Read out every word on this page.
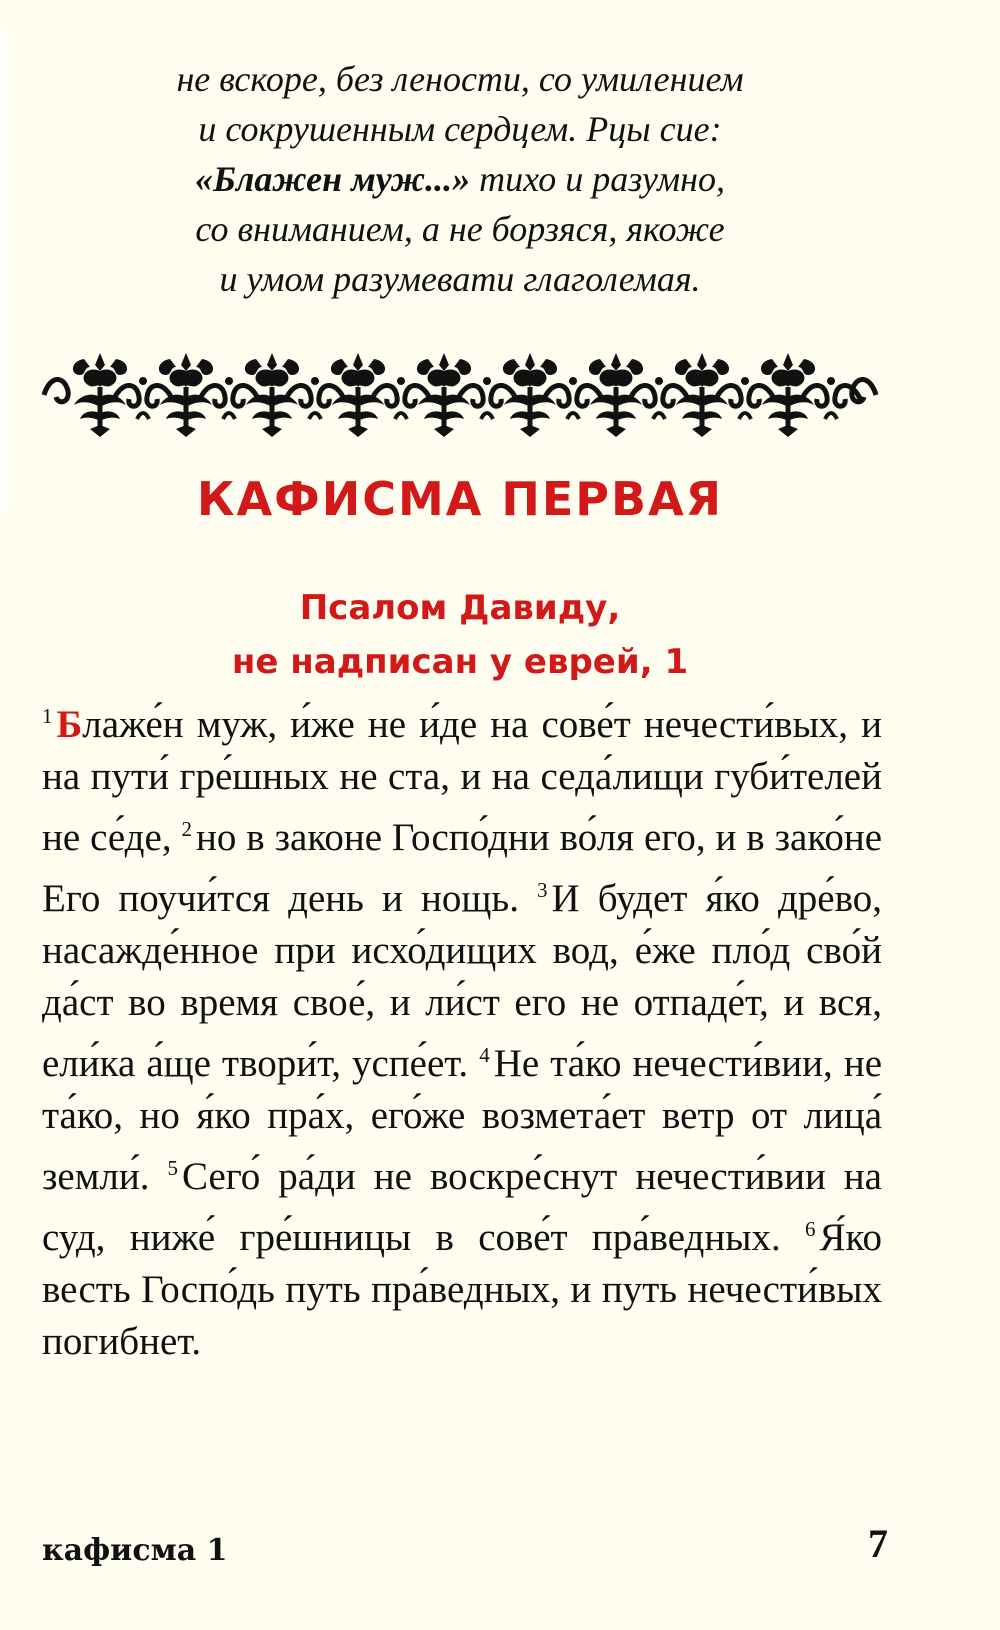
не вскоре, без лености, со умилением

и сокрушенным сердцем. Рцы сие:

«Блажен муж...» тихо и разумно,

со вниманием, а не борзяся, якоже

и умом разумевати глаголемая.

КАФИСМА ПЕРВАЯ
Псалом Давиду,
не надписан у еврей, 1

$^1$ Блаже́н муж, и́же не и́де на сове́т нечести́вых, и на пути́ гре́шных не ста, и на седа́лищи губи́телей не се́де, $^2$ но в законе Госпо́дни во́ля его, и в зако́не Его поучи́тся день и нощь. $^3$ И будет я́ко дре́во, насажде́нное при исхо́дищих вод, е́же пло́д сво́й да́ст во время свое́, и ли́ст его не отпаде́т, и вся, ели́ка а́ще твори́т, успе́ет. $^4$ Не та́ко нечести́вии, не та́ко, но я́ко пра́х, его́же возмета́ет ветр от лица́ земли́. $^5$ Сего́ ра́ди не воскре́снут нечести́вии на суд, ниже́ гре́шницы в сове́т пра́ведных. $^6$ Я́ко весть Госпо́дь путь пра́ведных, и путь нечести́вых погибнет.

кафисма 1	7
